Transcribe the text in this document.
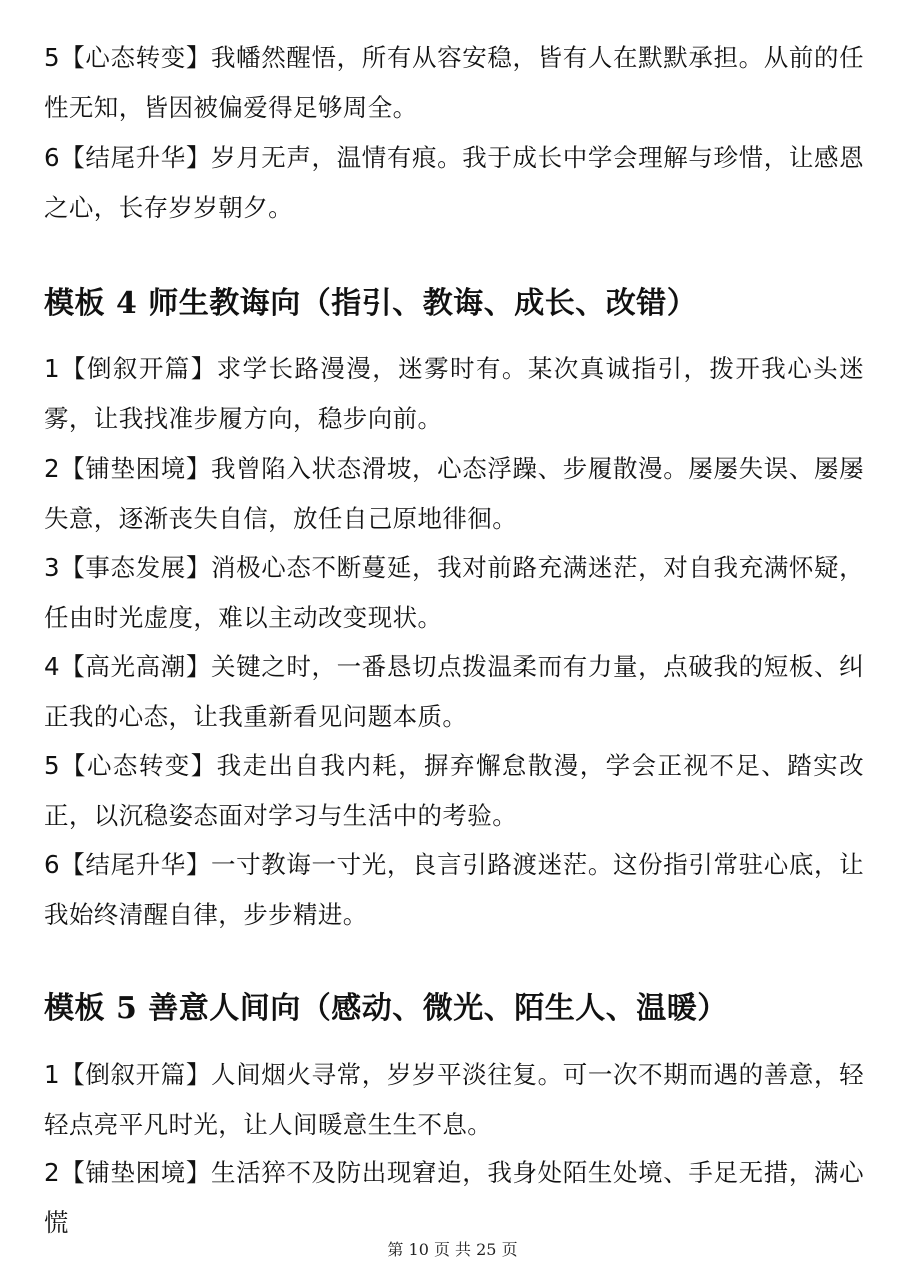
5【心态转变】我幡然醒悟，所有从容安稳，皆有人在默默承担。从前的任性无知，皆因被偏爱得足够周全。

6【结尾升华】岁月无声，温情有痕。我于成长中学会理解与珍惜，让感恩之心，长存岁岁朝夕。

模板 4 师生教诲向（指引、教诲、成长、改错）

1【倒叙开篇】求学长路漫漫，迷雾时有。某次真诚指引，拨开我心头迷雾，让我找准步履方向，稳步向前。

2【铺垫困境】我曾陷入状态滑坡，心态浮躁、步履散漫。屡屡失误、屡屡失意，逐渐丧失自信，放任自己原地徘徊。

3【事态发展】消极心态不断蔓延，我对前路充满迷茫，对自我充满怀疑，任由时光虚度，难以主动改变现状。

4【高光高潮】关键之时，一番恳切点拨温柔而有力量，点破我的短板、纠正我的心态，让我重新看见问题本质。

5【心态转变】我走出自我内耗，摒弃懈怠散漫，学会正视不足、踏实改正，以沉稳姿态面对学习与生活中的考验。

6【结尾升华】一寸教诲一寸光，良言引路渡迷茫。这份指引常驻心底，让我始终清醒自律，步步精进。

模板 5 善意人间向（感动、微光、陌生人、温暖）

1【倒叙开篇】人间烟火寻常，岁岁平淡往复。可一次不期而遇的善意，轻轻点亮平凡时光，让人间暖意生生不息。

2【铺垫困境】生活猝不及防出现窘迫，我身处陌生处境、手足无措，满心慌

第 10 页 共 25 页
